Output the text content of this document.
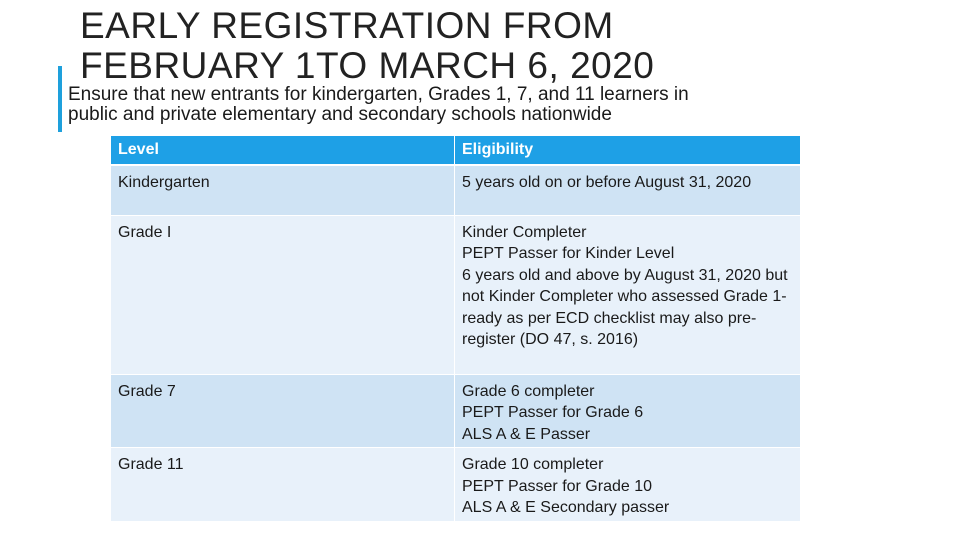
EARLY REGISTRATION FROM
FEBRUARY 1TO MARCH 6, 2020

Ensure that new entrants for kindergarten, Grades 1, 7, and 11 learners in
public and private elementary and secondary schools nationwide

Level	Eligibility
Kindergarten	5 years old on or before August 31, 2020

Grade I	Kinder Completer
PEPT Passer for Kinder Level
6 years old and above by August 31, 2020 but not Kinder Completer who assessed Grade 1-ready as per ECD checklist may also pre-register (DO 47, s. 2016)

Grade 7	Grade 6 completer
PEPT Passer for Grade 6
ALS A & E Passer

Grade 11	Grade 10 completer
PEPT Passer for Grade 10
ALS A & E Secondary passer
